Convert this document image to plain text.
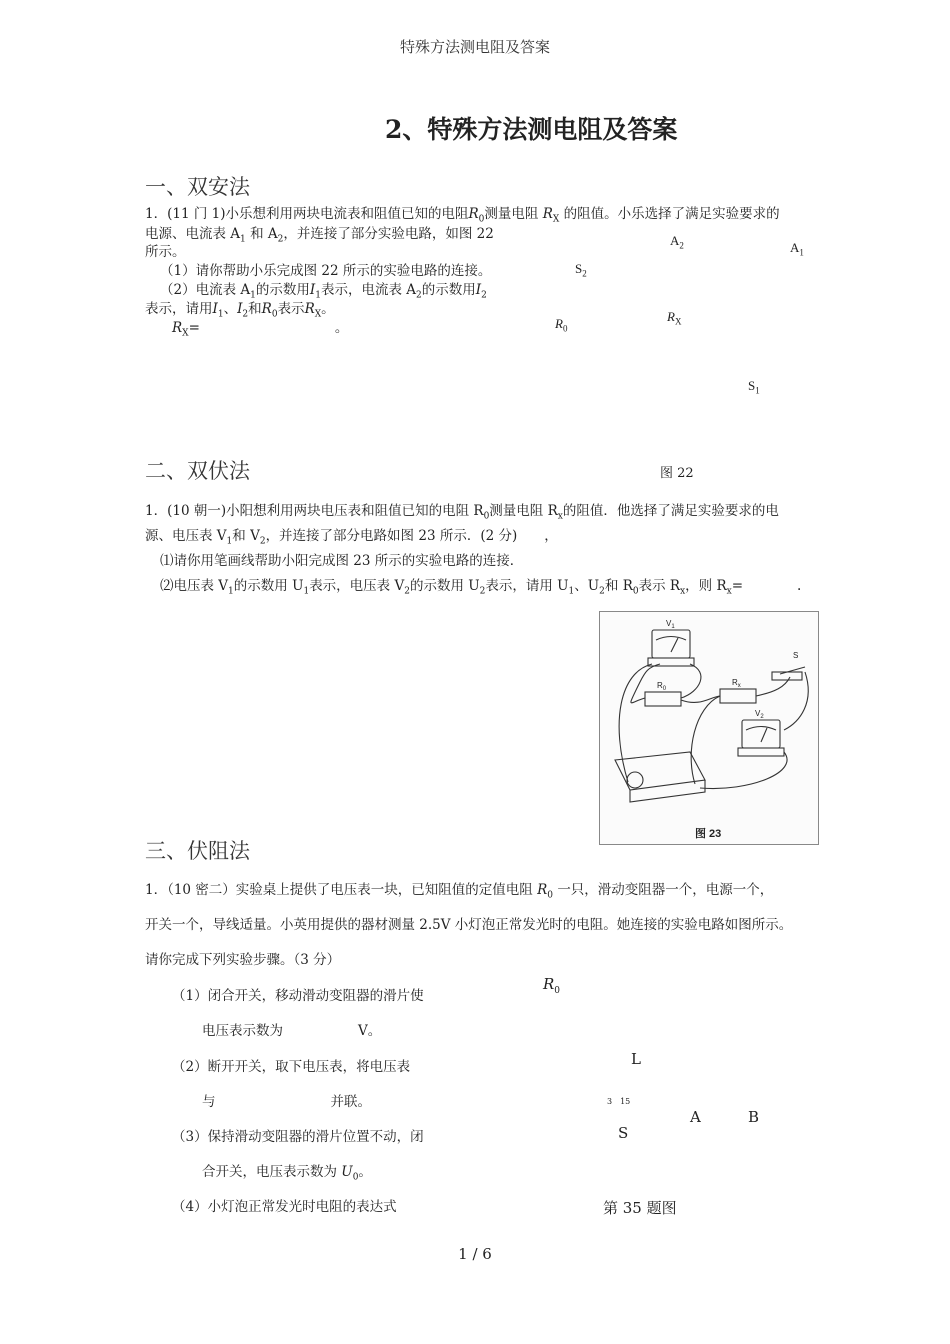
特殊方法测电阻及答案
2、特殊方法测电阻及答案
一、双安法
1．(11 门 1)小乐想利用两块电流表和阻值已知的电阻$R_0$测量电阻 $R_X$ 的阻值。小乐选择了满足实验要求的
电源、电流表 $A_1$ 和 $A_2$，并连接了部分实验电路，如图 22
所示。
（1）请你帮助小乐完成图 22 所示的实验电路的连接。
（2）电流表 $A_1$的示数用$I_1$表示，电流表 $A_2$的示数用$I_2$
表示，请用$I_1$、$I_2$和$R_0$表示$R_X$。
$R_X=$	。
$A_2$	$A_1$
$S_2$
$R_X$
$R_0$
$S_1$
图 22
二、双伏法
1．(10 朝一)小阳想利用两块电压表和阻值已知的电阻 $R_0$测量电阻 $R_x$的阻值．他选择了满足实验要求的电
源、电压表 $V_1$和 $V_2$，并连接了部分电路如图 23 所示．(2 分)　　，
⑴请你用笔画线帮助小阳完成图 23 所示的实验电路的连接．
⑵电压表 $V_1$的示数用 $U_1$表示，电压表 $V_2$的示数用 $U_2$表示，请用 $U_1$、$U_2$和 $R_0$表示 $R_x$，则 $R_x=$　　　　.
$V_1$
$R_0$
$R_x$
$V_2$
S
图 23
三、伏阻法
1．（10 密二）实验桌上提供了电压表一块，已知阻值的定值电阻 $R_0$ 一只，滑动变阻器一个，电源一个，
开关一个，导线适量。小英用提供的器材测量 2.5V 小灯泡正常发光时的电阻。她连接的实验电路如图所示。
请你完成下列实验步骤。（3 分）
（1）闭合开关，移动滑动变阻器的滑片使
电压表示数为	V。
（2）断开开关，取下电压表，将电压表
与	并联。
（3）保持滑动变阻器的滑片位置不动，闭
合开关，电压表示数为 $U_0$。
（4）小灯泡正常发光时电阻的表达式
$R_0$
L
3　15
A	B
S
第 35 题图
1 / 6
